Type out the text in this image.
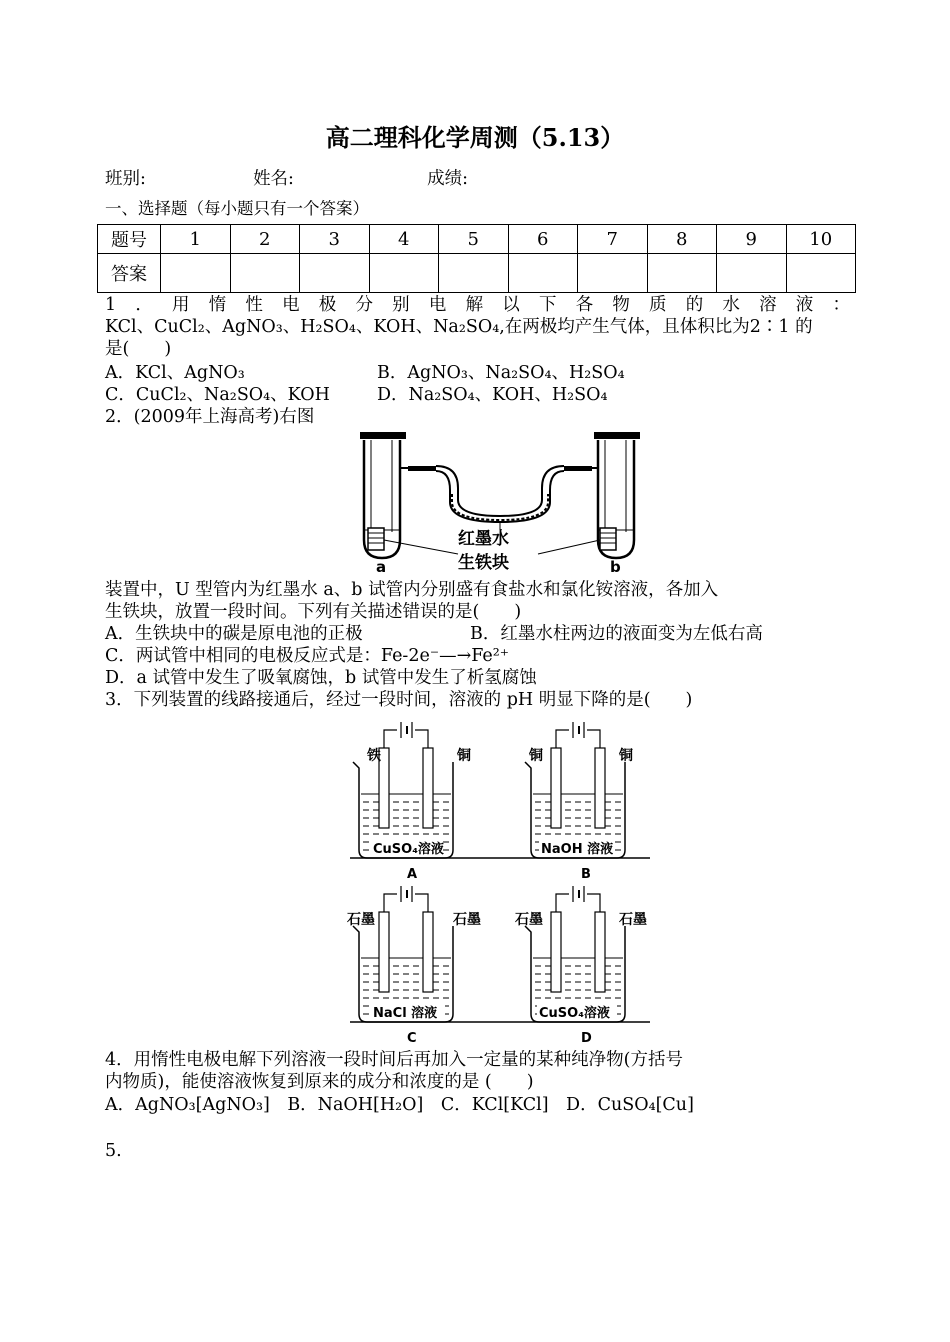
高二理科化学周测（5.13）
班别:	姓名:	成绩:
一、选择题（每小题只有一个答案）
题号	1	2	3	4	5	6	7	8	9	10
答案										
1．用惰性电极分别电解以下各物质的水溶液：
KCl、CuCl₂、AgNO₃、H₂SO₄、KOH、Na₂SO₄,在两极均产生气体，且体积比为2∶1 的
是(　　)
A．KCl、AgNO₃	B．AgNO₃、Na₂SO₄、H₂SO₄
C．CuCl₂、Na₂SO₄、KOH	D．Na₂SO₄、KOH、H₂SO₄
2．(2009年上海高考)右图
红墨水
生铁块
a	b
装置中，U 型管内为红墨水 a、b 试管内分别盛有食盐水和氯化铵溶液，各加入
生铁块，放置一段时间。下列有关描述错误的是(　　)
A．生铁块中的碳是原电池的正极	B．红墨水柱两边的液面变为左低右高
C．两试管中相同的电极反应式是：Fe-2e⁻—→Fe²⁺
D．a 试管中发生了吸氧腐蚀，b 试管中发生了析氢腐蚀
3．下列装置的线路接通后，经过一段时间，溶液的 pH 明显下降的是(　　)
铁	铜
CuSO₄溶液
A
铜	铜
NaOH 溶液
B
石墨	石墨
NaCl 溶液
C
石墨	石墨
CuSO₄溶液
D
4．用惰性电极电解下列溶液一段时间后再加入一定量的某种纯净物(方括号
内物质)，能使溶液恢复到原来的成分和浓度的是 (　　)
A．AgNO₃[AgNO₃]　B．NaOH[H₂O]　C．KCl[KCl]　D．CuSO₄[Cu]
5.
